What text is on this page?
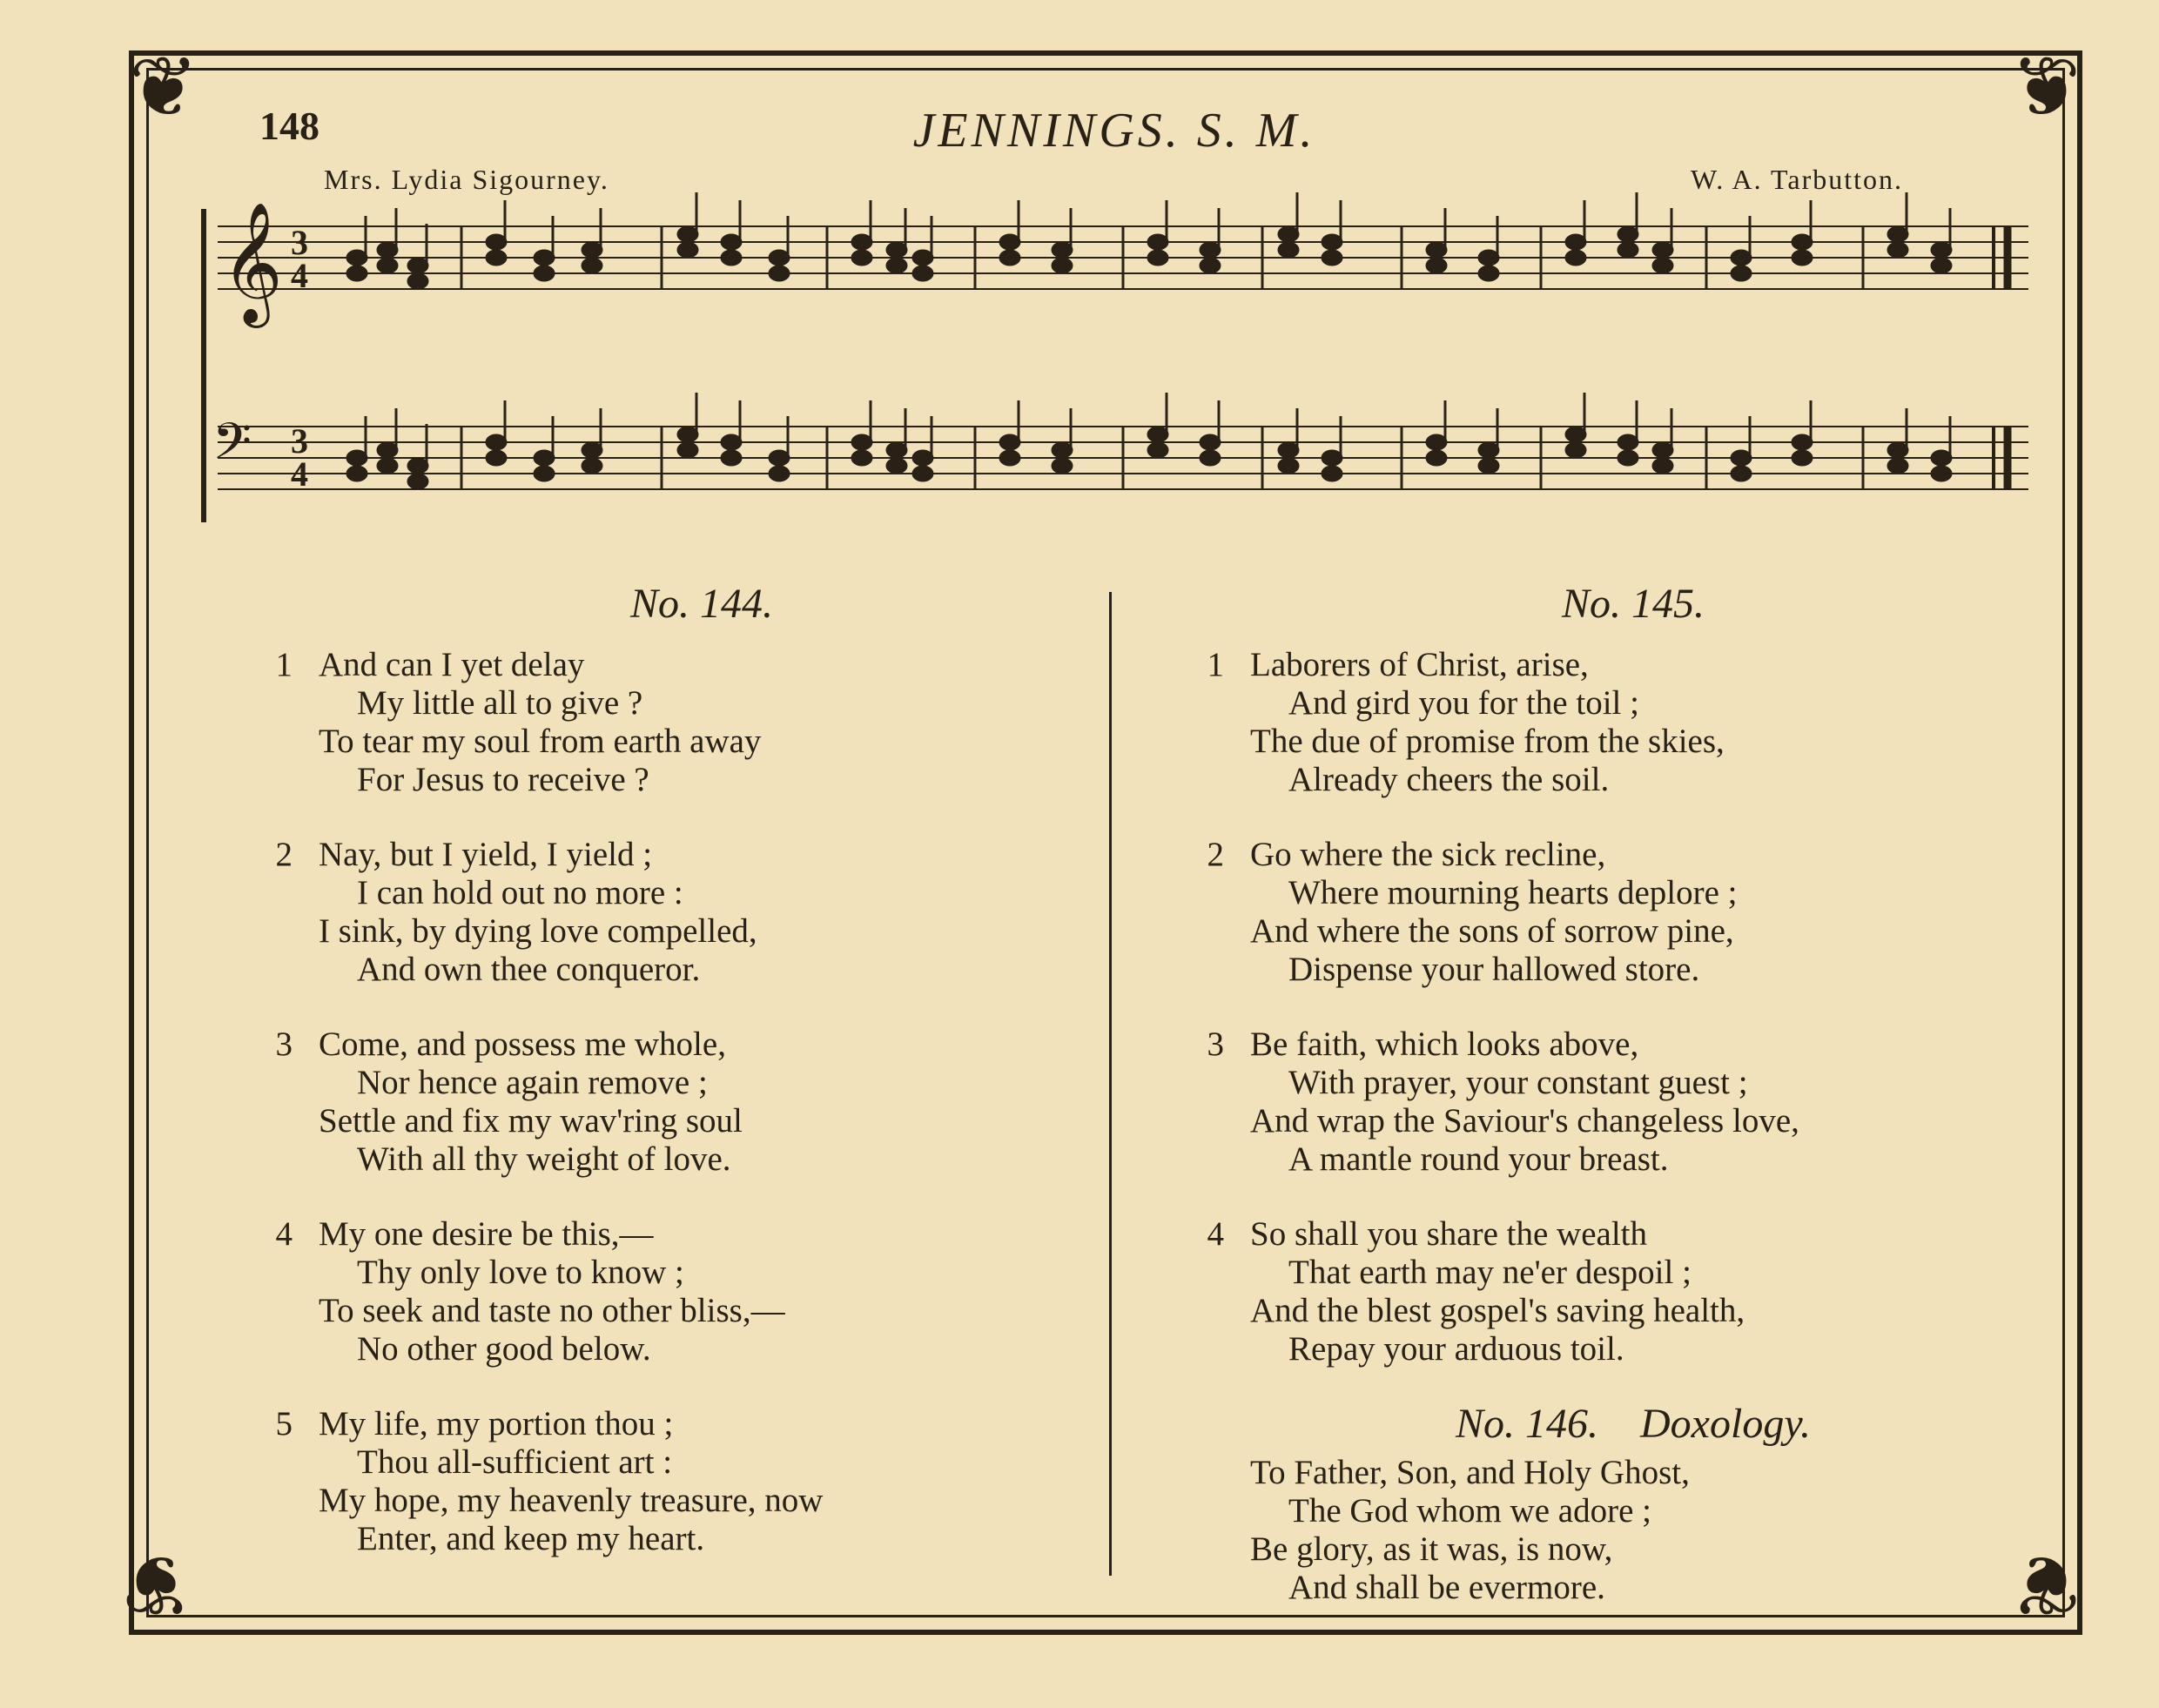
❦	❦
❦	❦
148	JENNINGS. S. M.
Mrs. Lydia Sigourney.	W. A. Tarbutton.
𝄞
𝄢
3
4
3
4
No. 144.
1 And can I yet delay
My little all to give ?
To tear my soul from earth away
For Jesus to receive ?
2 Nay, but I yield, I yield ;
I can hold out no more :
I sink, by dying love compelled,
And own thee conqueror.
3 Come, and possess me whole,
Nor hence again remove ;
Settle and fix my wav'ring soul
With all thy weight of love.
4 My one desire be this,—
Thy only love to know ;
To seek and taste no other bliss,—
No other good below.
5 My life, my portion thou ;
Thou all-sufficient art :
My hope, my heavenly treasure, now
Enter, and keep my heart.
No. 145.
1 Laborers of Christ, arise,
And gird you for the toil ;
The due of promise from the skies,
Already cheers the soil.
2 Go where the sick recline,
Where mourning hearts deplore ;
And where the sons of sorrow pine,
Dispense your hallowed store.
3 Be faith, which looks above,
With prayer, your constant guest ;
And wrap the Saviour's changeless love,
A mantle round your breast.
4 So shall you share the wealth
That earth may ne'er despoil ;
And the blest gospel's saving health,
Repay your arduous toil.
No. 146. Doxology.
To Father, Son, and Holy Ghost,
The God whom we adore ;
Be glory, as it was, is now,
And shall be evermore.
